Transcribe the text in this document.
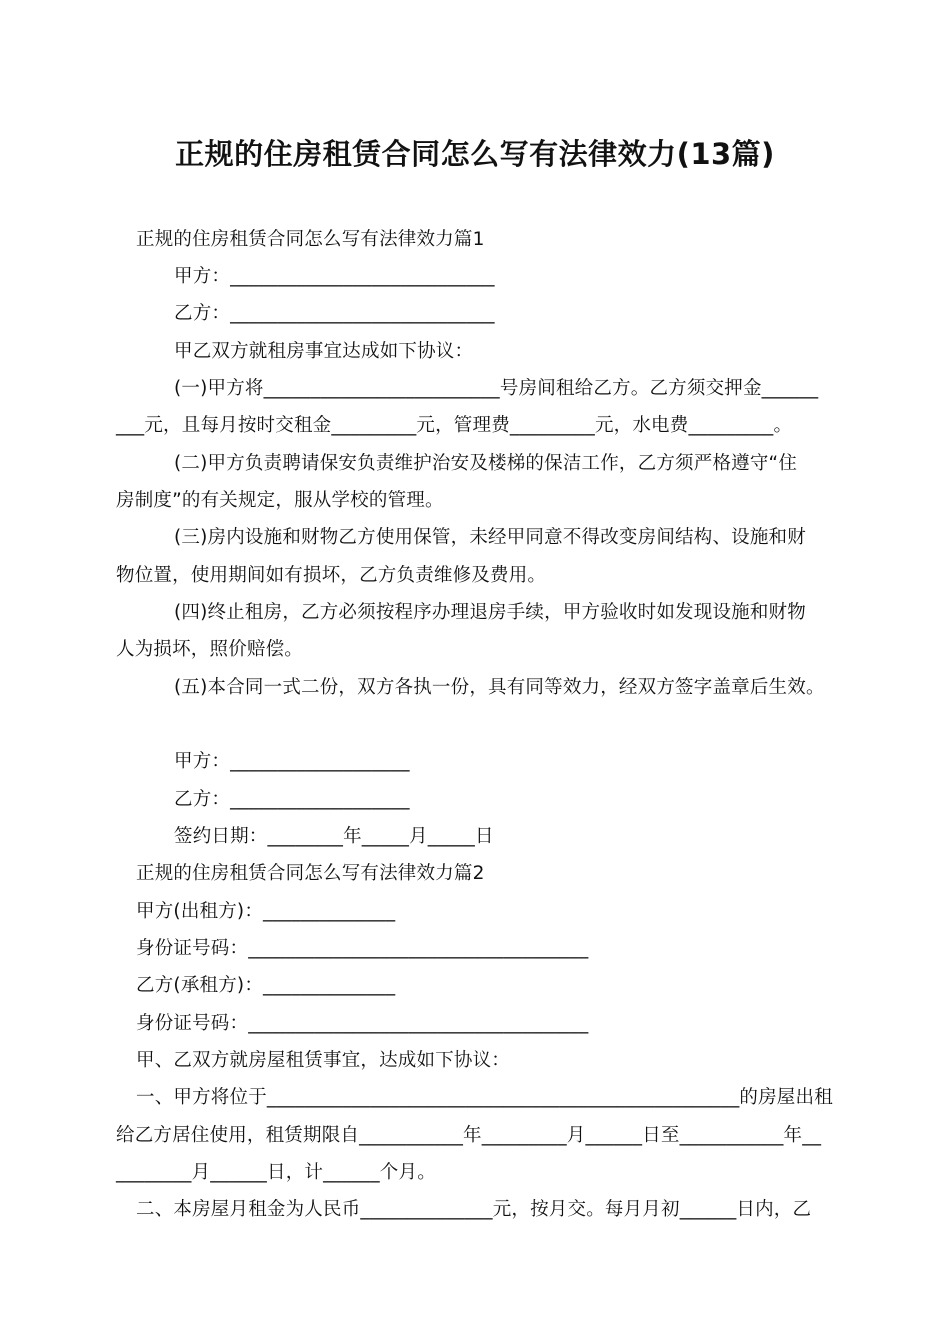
正规的住房租赁合同怎么写有法律效力(13篇)
正规的住房租赁合同怎么写有法律效力篇1
甲方：____________________________
乙方：____________________________
甲乙双方就租房事宜达成如下协议：
(一)甲方将_________________________号房间租给乙方。乙方须交押金______
___元，且每月按时交租金_________元，管理费_________元，水电费_________。
(二)甲方负责聘请保安负责维护治安及楼梯的保洁工作，乙方须严格遵守“住
房制度”的有关规定，服从学校的管理。
(三)房内设施和财物乙方使用保管，未经甲同意不得改变房间结构、设施和财
物位置，使用期间如有损坏，乙方负责维修及费用。
(四)终止租房，乙方必须按程序办理退房手续，甲方验收时如发现设施和财物
人为损坏，照价赔偿。
(五)本合同一式二份，双方各执一份，具有同等效力，经双方签字盖章后生效。
甲方：___________________
乙方：___________________
签约日期：________年_____月_____日
正规的住房租赁合同怎么写有法律效力篇2
甲方(出租方)：______________
身份证号码：____________________________________
乙方(承租方)：______________
身份证号码：____________________________________
甲、乙双方就房屋租赁事宜，达成如下协议：
一、甲方将位于__________________________________________________的房屋出租
给乙方居住使用，租赁期限自___________年_________月______日至___________年__
________月______日，计______个月。
二、本房屋月租金为人民币______________元，按月交。每月月初______日内，乙
